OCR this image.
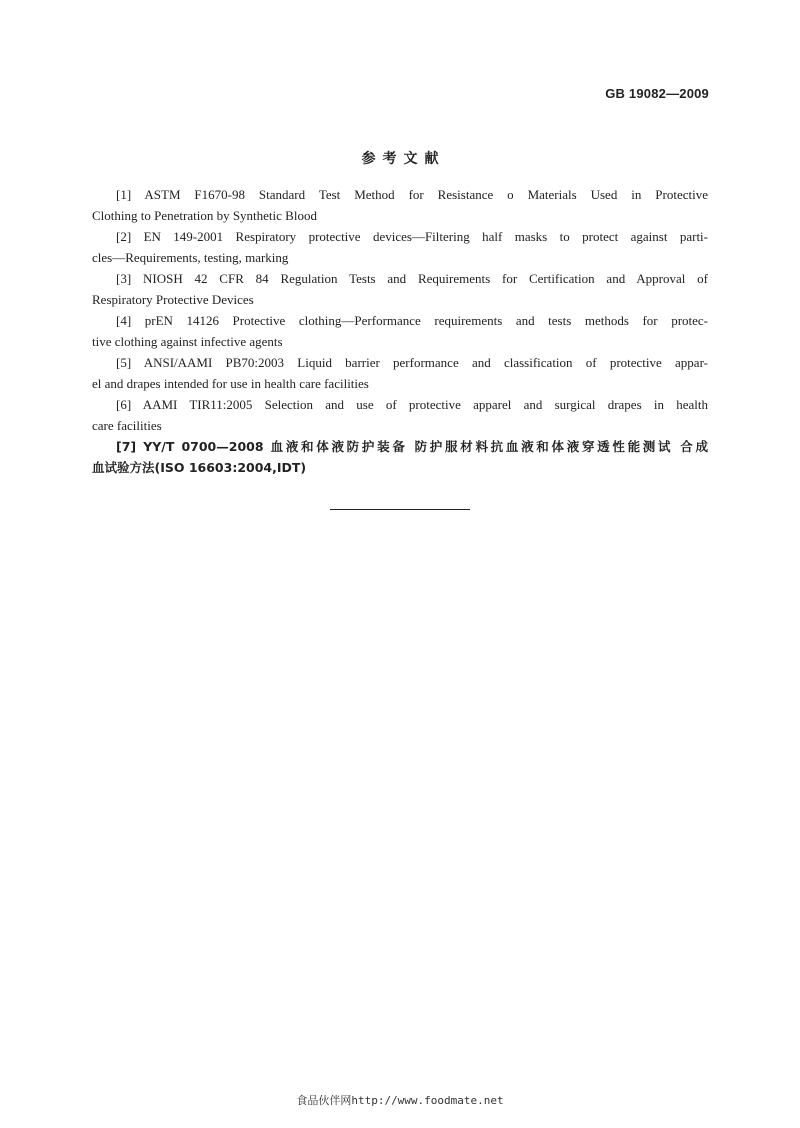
GB 19082—2009
参考文献

[1] ASTM F1670-98 Standard Test Method for Resistance o Materials Used in Protective
Clothing to Penetration by Synthetic Blood

[2] EN 149-2001 Respiratory protective devices—Filtering half masks to protect against parti-
cles—Requirements, testing, marking

[3] NIOSH 42 CFR 84 Regulation Tests and Requirements for Certification and Approval of
Respiratory Protective Devices

[4] prEN 14126 Protective clothing—Performance requirements and tests methods for protec-
tive clothing against infective agents

[5] ANSI/AAMI PB70:2003 Liquid barrier performance and classification of protective appar-
el and drapes intended for use in health care facilities

[6] AAMI TIR11:2005 Selection and use of protective apparel and surgical drapes in health
care facilities

[7] YY/T 0700—2008 血液和体液防护装备 防护服材料抗血液和体液穿透性能测试 合成
血试验方法(ISO 16603:2004,IDT)

食品伙伴网http://www.foodmate.net
